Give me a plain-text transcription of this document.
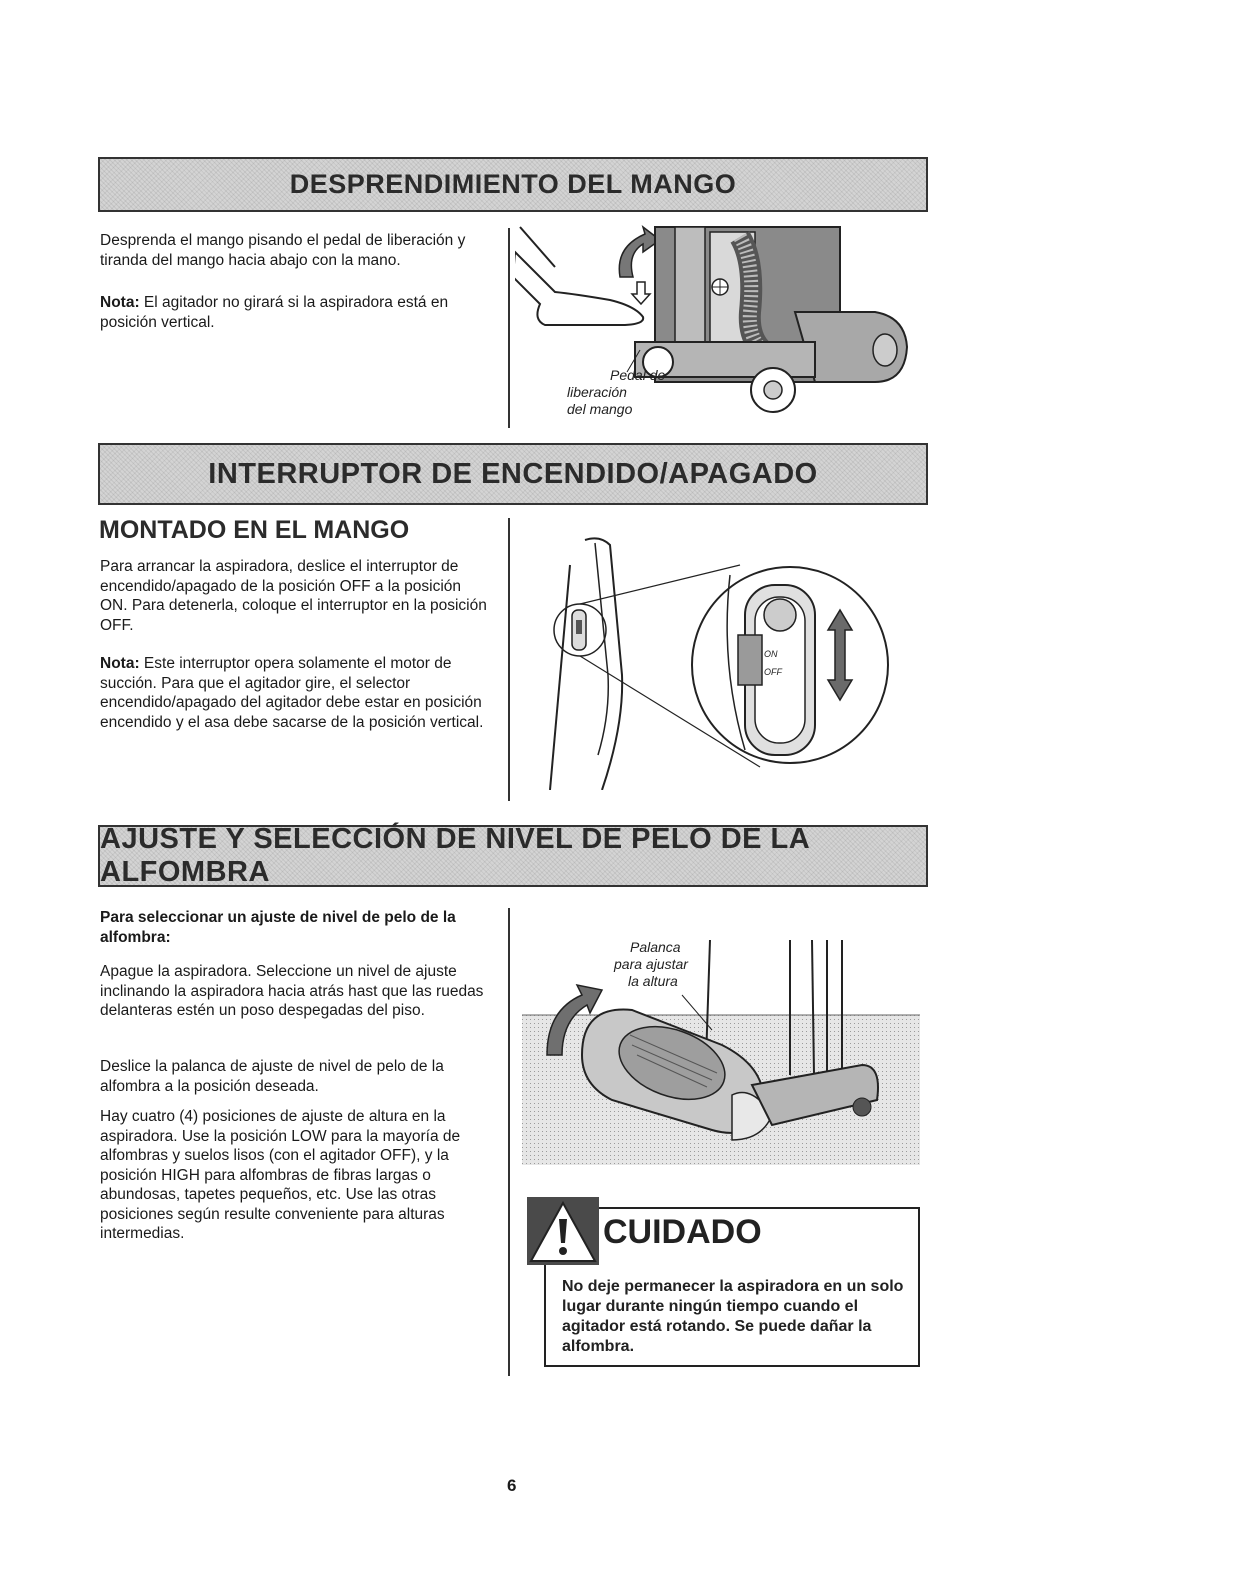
DESPRENDIMIENTO DEL MANGO

Desprenda el mango pisando el pedal de liberación y tiranda del mango hacia abajo con la mano.

Nota: El agitador no girará si la aspiradora está en posición vertical.

Pedal de
liberación
del mango
INTERRUPTOR DE ENCENDIDO/APAGADO
MONTADO EN EL MANGO

Para arrancar la aspiradora, deslice el interruptor de encendido/apagado de la posición OFF a la posición ON. Para detenerla, coloque el interruptor en la posición OFF.

Nota: Este interruptor opera solamente el motor de succión. Para que el agitador gire, el selector encendido/apagado del agitador debe estar en posición encendido y el asa debe sacarse de la posición vertical.

ON
OFF
AJUSTE Y SELECCIÓN DE NIVEL DE PELO DE LA ALFOMBRA

Para seleccionar un ajuste de nivel de pelo de la alfombra:

Apague la aspiradora. Seleccione un nivel de ajuste inclinando la aspiradora hacia atrás hast que las ruedas delanteras estén un poso despegadas del piso.

Deslice la palanca de ajuste de nivel de pelo de la alfombra a la posición deseada.

Hay cuatro (4) posiciones de ajuste de altura en la aspiradora. Use la posición LOW para la mayoría de alfombras y suelos lisos (con el agitador OFF), y la posición HIGH para alfombras de fibras largas o abundosas, tapetes pequeños, etc. Use las otras posiciones según resulte conveniente para alturas intermedias.

Palanca
para ajustar
la altura
No deje permanecer la aspiradora en un solo lugar durante ningún tiempo cuando el agitador está rotando. Se puede dañar la alfombra.
CUIDADO
6
